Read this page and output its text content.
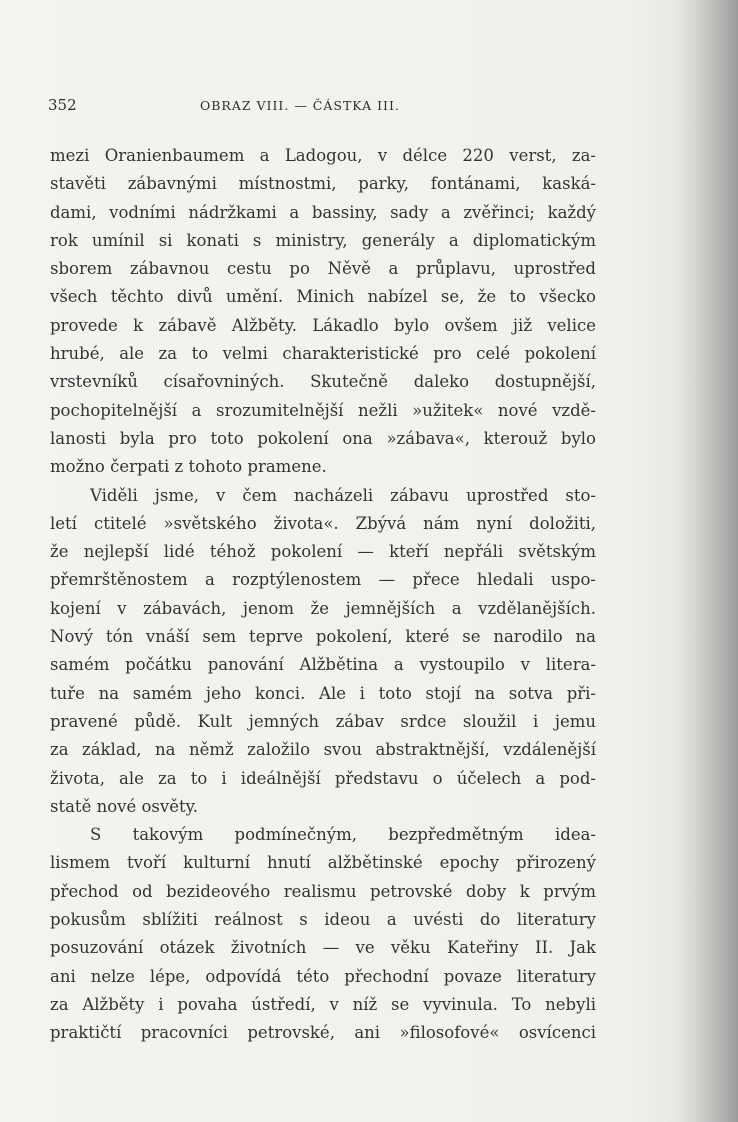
352	OBRAZ VIII. — ČÁSTKA III.
mezi Oranienbaumem a Ladogou, v délce 220 verst, za-
stavěti zábavnými místnostmi, parky, fontánami, kaská-
dami, vodními nádržkami a bassiny, sady a zvěřinci; každý
rok umínil si konati s ministry, generály a diplomatickým
sborem zábavnou cestu po Něvě a průplavu, uprostřed
všech těchto divů umění. Minich nabízel se, že to všecko
provede k zábavě Alžběty. Lákadlo bylo ovšem již velice
hrubé, ale za to velmi charakteristické pro celé pokolení
vrstevníků císařovniných. Skutečně daleko dostupnější,
pochopitelnější a srozumitelnější nežli »užitek« nové vzdě-
lanosti byla pro toto pokolení ona »zábava«, kterouž bylo
možno čerpati z tohoto pramene.
Viděli jsme, v čem nacházeli zábavu uprostřed sto-
letí ctitelé »světského života«. Zbývá nám nyní doložiti,
že nejlepší lidé téhož pokolení — kteří nepřáli světským
přemrštěnostem a rozptýlenostem — přece hledali uspo-
kojení v zábavách, jenom že jemnějších a vzdělanějších.
Nový tón vnáší sem teprve pokolení, které se narodilo na
samém počátku panování Alžbětina a vystoupilo v litera-
tuře na samém jeho konci. Ale i toto stojí na sotva při-
pravené půdě. Kult jemných zábav srdce sloužil i jemu
za základ, na němž založilo svou abstraktnější, vzdálenější
života, ale za to i ideálnější představu o účelech a pod-
statě nové osvěty.
S takovým podmínečným, bezpředmětným idea-
lismem tvoří kulturní hnutí alžbětinské epochy přirozený
přechod od bezideového realismu petrovské doby k prvým
pokusům sblížiti reálnost s ideou a uvésti do literatury
posuzování otázek životních — ve věku Kateřiny II. Jak
ani nelze lépe, odpovídá této přechodní povaze literatury
za Alžběty i povaha ústředí, v níž se vyvinula. To nebyli
praktičtí pracovníci petrovské, ani »filosofové« osvícenci
